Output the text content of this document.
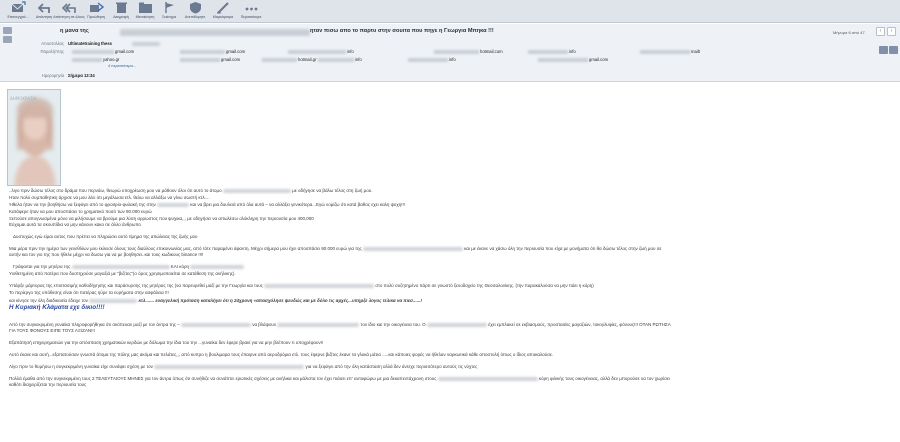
Επανεγγρά... Απάντηση Απάντηση σε όλους Προώθηση Διαγραφή Μετακίνηση Ξεκίνημα Ανεπιθύμητο Μαρκάρισμα Περισσότερα
η μανα της	ηταν πισω απο το παρτυ στην σουιτα που πηγε η Γεωργια Μπηκα !!!	Μήνυμα 6 από 47	‹	›
Αποστολέας Ultimatetraining thess
Παραλήπτης	gmail.com	gmail.com	info	hotmail.com	info	mailt
yahoo.gr	gmail.com	hotmail.gr	info	info	gmail.com
4 περισσότερα...
Ημερομηνία Σήμερα 13:34
ΔΗΜΟΚΡΑΤΙΑ
..λιγο πριν δώσω τέλος στο δράμα που περνάω, θεωρώ υποχρέωση μου να μάθουν όλοι ότι αυτό το άτομο	με οδήγησε να βάλω τέλος στη ζωή μου.
Ηταν πολύ συμπαθητικη άρχισε να μου λέει ότι μεγάλωσα ετλ. θελω να αλλάξω να γίνω σωστή κτλ....
Ήθελα ήταν να την βοηθήσω να ξεφύγει από το φροϋρίο-φυλακή της στην	και να βρει μια δουλειά από όλα αυτά – να αλλάξει γενικότερα...Εγώ νομίζω ότι κατά βαθος εχει καλη ψυχη!!!
Κατάφερε ήταν να μου αποσπάσει το χρηματικό ποσό των 90.000 ευρώ
Ξεπούσε απογνωσμένα μόνο να μιλήσουμε να βρούμε μια λύση αρρωστος που ψυχικα,,, με οδηγήσει να απωλέσω ολόκληρη την περιουσία μου 400,000
Εύχομαι αυτά τα σκουπίδια να μην κάνουν κακο σε άλλο άνθρωπο
Δυστυχώς εγώ είμαι αυτος που πρέπει να πληρώσει αυτό τίμημα της απώλειας της ζωής μου
Μια μέρα πριν την ημέρα των γενεθλίων μου έκλεισε όλους τους διαύλους επικοινωνίας μας, από τότε παραμένει άφαντη. Μέχρι σήμερα μου έχει αποσπάσει 90.000 ευρώ για της	και με έκανε να χάσω όλη την περιουσία που είχα με μονήματα ότι θα δώσω τέλος στην ζωή μου σε
αυτήν και τον γιο της που ήθελε μέχρι να δωσω για να με βοηθησει..και τους κωδικους binance !!!!
Γράφοιται για την μητέρα της	ΚΑΙ κόρη
Υιοθετημένη από πατέρα που δυστηχούσε μαγαζιά με "βιζίτες"(ο όρος χρησιμοποιείται σε κατάθεση της ανήλικης).
Υπάρξε μάρτυρας της επιστασιμής καθοδήγησης και παράσυρσης της μητέρας της (να παρευρεθεί μαζί με την Γεωργία και τους	στο πολύ συζητημένο πάρτι σε γνωστό ξενοδοχείο της Θεσσαλονίκης. (την παρακαλούσα να μην πάει η κόρη)
Το περίεργο της υπόθεσης είναι ότι πατέρας ηύρε τα ευρήματα στην ασφάλεια !!!
και κίνησε την όλη διαδικασία έδειχε τον	κτλ....... ευαγγελική πρόταση καταλήγει ότι η 24χρονη «απασχόλησε ψευδώς και με δόλο τις αρχές...υπηρξε λογος τελικα να πιεσ......!
Η Κυριακή Κλάματα εχε δικιο!!!!
Από την συγκεκριμένη γυναίκα πληροφορήθηκα ότι σκόπευαν μαζί με τον άντρα της –	να βλάψουν	τον ίδιο και την οικογένεια του. Ο	έχει εμπλακεί σε εκβιασμούς, προστασίες μαγαζιών, τοκογλυφίες, φόνους!!! ΟΤΑΝ ΡΩΤΗΣΑ
ΓΙΑ ΤΟΥΣ ΦΟΝΟΥΣ ΕΙΠΕ ΤΟΥΣ ΑΞΙΖΑΝ!!!
Εξαπάτησή επιχειρηματιών για την απόσπαση χρηματικών κερδών με δόλωμα την ίδια του την ...γυναίκα δεν έφερε βρακί για να μην βλέπουν τι υποχρέφουν!!
Αυτό έκανε και αυτή...εξαπατούσαν γνωστά άτομα της πόλης μας ακόμα και πελάτες,,, από κυπρο η βουλιμαρα τους έπαιρνε από αεροδρόμια ετλ. τους έφερνε βιζίτες έκανε τα γλυκά μάτια .....και κάποιες φορές να ήθελαν ναρκωτικά κάθε αποστολή όπως ο ίδιος αποκαλούσε.
Λίγο πριν το θυμήσω η συγκεκριμένη γυναίκα είχε συνάψει σχέση με τον	για να ξεφύγει από την όλη κατάσταση αλλά δεν άντεχε περισσότερο αυτούς τις νύχτες
Πολλά έμαθα από την συγκεκριμένη τους 2 ΤΕΛΕΥΤΑΙΟΥΣ ΜΗΝΕΣ για τον άντρα όπως ότι συνήθιζε να συνάπτει ερωτικές σχέσεις με ανήλικα και μάλιστα τον έχει πιάσει επ' αυτοφώρω με μια δεκαπεντάχρονη στους	κόρη φιλικής τους οικογένειας, αλλά δεν μπορούσε να τον χωρίσει
καθότι διαχειρίζεται την περιουσία τους
